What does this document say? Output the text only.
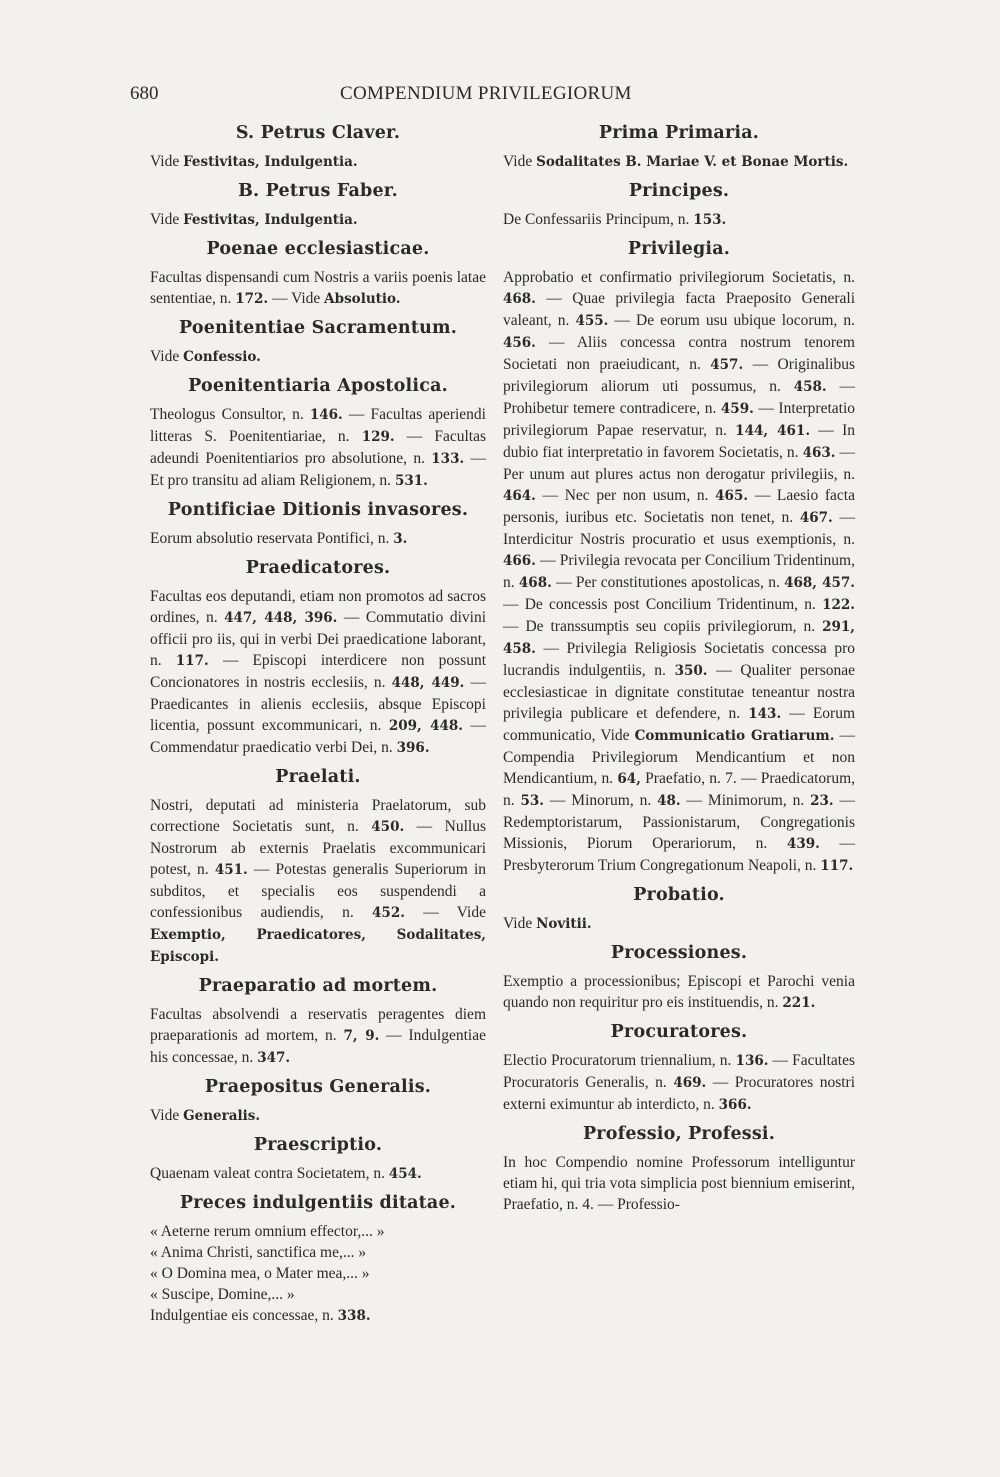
680	COMPENDIUM PRIVILEGIORUM
S. Petrus Claver.

Vide Festivitas, Indulgentia.

B. Petrus Faber.

Vide Festivitas, Indulgentia.

Poenae ecclesiasticae.

Facultas dispensandi cum Nostris a variis poenis latae sententiae, n. 172. — Vide Absolutio.

Poenitentiae Sacramentum.

Vide Confessio.

Poenitentiaria Apostolica.

Theologus Consultor, n. 146. — Facultas aperiendi litteras S. Poenitentiariae, n. 129. — Facultas adeundi Poenitentiarios pro absolutione, n. 133. — Et pro transitu ad aliam Religionem, n. 531.

Pontificiae Ditionis invasores.

Eorum absolutio reservata Pontifici, n. 3.

Praedicatores.

Facultas eos deputandi, etiam non promotos ad sacros ordines, n. 447, 448, 396. — Commutatio divini officii pro iis, qui in verbi Dei praedicatione laborant, n. 117. — Episcopi interdicere non possunt Concionatores in nostris ecclesiis, n. 448, 449. — Praedicantes in alienis ecclesiis, absque Episcopi licentia, possunt excommunicari, n. 209, 448. — Commendatur praedicatio verbi Dei, n. 396.

Praelati.

Nostri, deputati ad ministeria Praelatorum, sub correctione Societatis sunt, n. 450. — Nullus Nostrorum ab externis Praelatis excommunicari potest, n. 451. — Potestas generalis Superiorum in subditos, et specialis eos suspendendi a confessionibus audiendis, n. 452. — Vide Exemptio, Praedicatores, Sodalitates, Episcopi.

Praeparatio ad mortem.

Facultas absolvendi a reservatis peragentes diem praeparationis ad mortem, n. 7, 9. — Indulgentiae his concessae, n. 347.

Praepositus Generalis.

Vide Generalis.

Praescriptio.

Quaenam valeat contra Societatem, n. 454.

Preces indulgentiis ditatae.

« Aeterne rerum omnium effector,... »
« Anima Christi, sanctifica me,... »
« O Domina mea, o Mater mea,... »
« Suscipe, Domine,... »
Indulgentiae eis concessae, n. 338.

Prima Primaria.

Vide Sodalitates B. Mariae V. et Bonae Mortis.

Principes.

De Confessariis Principum, n. 153.

Privilegia.

Approbatio et confirmatio privilegiorum Societatis, n. 468. — Quae privilegia facta Praeposito Generali valeant, n. 455. — De eorum usu ubique locorum, n. 456. — Aliis concessa contra nostrum tenorem Societati non praeiudicant, n. 457. — Originalibus privilegiorum aliorum uti possumus, n. 458. — Prohibetur temere contradicere, n. 459. — Interpretatio privilegiorum Papae reservatur, n. 144, 461. — In dubio fiat interpretatio in favorem Societatis, n. 463. — Per unum aut plures actus non derogatur privilegiis, n. 464. — Nec per non usum, n. 465. — Laesio facta personis, iuribus etc. Societatis non tenet, n. 467. — Interdicitur Nostris procuratio et usus exemptionis, n. 466. — Privilegia revocata per Concilium Tridentinum, n. 468. — Per constitutiones apostolicas, n. 468, 457. — De concessis post Concilium Tridentinum, n. 122. — De transsumptis seu copiis privilegiorum, n. 291, 458. — Privilegia Religiosis Societatis concessa pro lucrandis indulgentiis, n. 350. — Qualiter personae ecclesiasticae in dignitate constitutae teneantur nostra privilegia publicare et defendere, n. 143. — Eorum communicatio, Vide Communicatio Gratiarum. — Compendia Privilegiorum Mendicantium et non Mendicantium, n. 64, Praefatio, n. 7. — Praedicatorum, n. 53. — Minorum, n. 48. — Minimorum, n. 23. — Redemptoristarum, Passionistarum, Congregationis Missionis, Piorum Operariorum, n. 439. — Presbyterorum Trium Congregationum Neapoli, n. 117.

Probatio.

Vide Novitii.

Processiones.

Exemptio a processionibus; Episcopi et Parochi venia quando non requiritur pro eis instituendis, n. 221.

Procuratores.

Electio Procuratorum triennalium, n. 136. — Facultates Procuratoris Generalis, n. 469. — Procuratores nostri externi eximuntur ab interdicto, n. 366.

Professio, Professi.

In hoc Compendio nomine Professorum intelliguntur etiam hi, qui tria vota simplicia post biennium emiserint, Praefatio, n. 4. — Professio-
